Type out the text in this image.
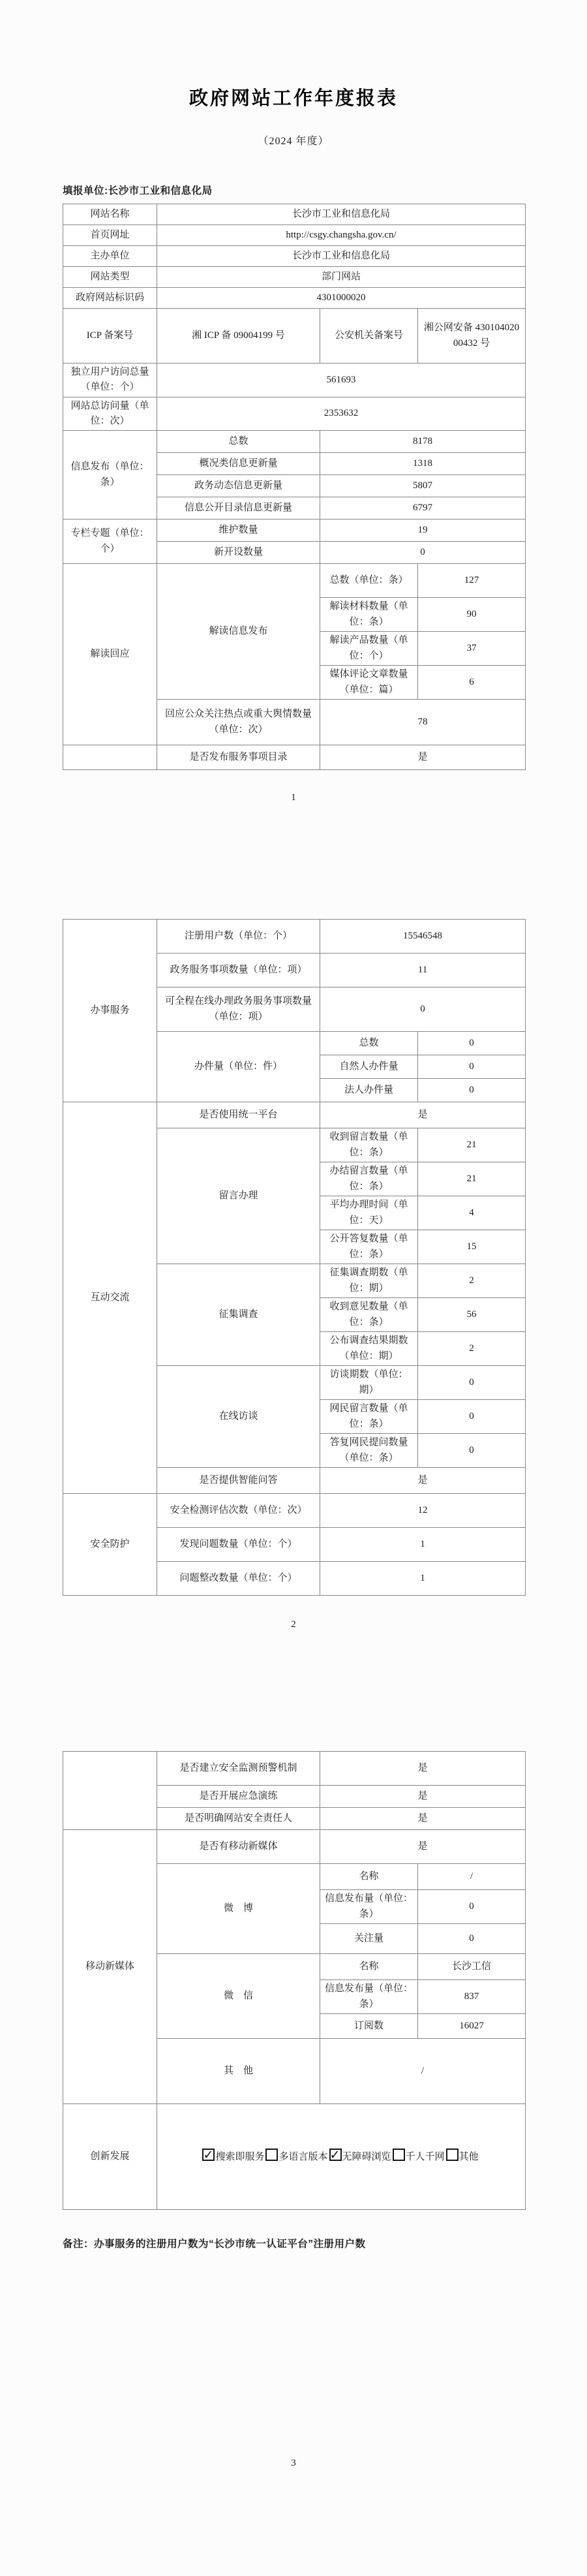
政府网站工作年度报表
（2024 年度）
填报单位:长沙市工业和信息化局
网站名称	长沙市工业和信息化局		
首页网址	http://csgy.changsha.gov.cn/		
主办单位	长沙市工业和信息化局		
网站类型	部门网站		
政府网站标识码	4301000020		
ICP 备案号	湘 ICP 备 09004199 号	公安机关备案号	湘公网安备 43010402000432 号
独立用户访问总量（单位：个）	561693		
网站总访问量（单位：次）	2353632		
信息发布（单位：条）	总数	8178	
	概况类信息更新量	1318	
	政务动态信息更新量	5807	
	信息公开目录信息更新量	6797	
专栏专题（单位：个）	维护数量	19	
	新开设数量	0	
解读回应	解读信息发布	总数（单位：条）	127
		解读材料数量（单位：条）	90
		解读产品数量（单位：个）	37
		媒体评论文章数量（单位：篇）	6
	回应公众关注热点或重大舆情数量（单位：次）	78	
	是否发布服务事项目录	是	
1
办事服务	注册用户数（单位：个）	15546548	
	政务服务事项数量（单位：项）	11	
	可全程在线办理政务服务事项数量（单位：项）	0	
	办件量（单位：件）	总数	0
		自然人办件量	0
		法人办件量	0
互动交流	是否使用统一平台	是	
	留言办理	收到留言数量（单位：条）	21
		办结留言数量（单位：条）	21
		平均办理时间（单位：天）	4
		公开答复数量（单位：条）	15
	征集调查	征集调查期数（单位：期）	2
		收到意见数量（单位：条）	56
		公布调查结果期数（单位：期）	2
	在线访谈	访谈期数（单位：期）	0
		网民留言数量（单位：条）	0
		答复网民提问数量（单位：条）	0
	是否提供智能问答	是	
安全防护	安全检测评估次数（单位：次）	12	
	发现问题数量（单位：个）	1	
	问题整改数量（单位：个）	1	
2
	是否建立安全监测预警机制	是	
	是否开展应急演练	是	
	是否明确网站安全责任人	是	
移动新媒体	是否有移动新媒体	是	
	微　博	名称	/
		信息发布量（单位：条）	0
		关注量	0
	微　信	名称	长沙工信
		信息发布量（单位：条）	837
		订阅数	16027
	其　他	/	
创新发展	✓搜索即服务 多语言版本 ✓ 无障碍浏览 千人千网 其他
备注：办事服务的注册用户数为“长沙市统一认证平台”注册用户数
3
